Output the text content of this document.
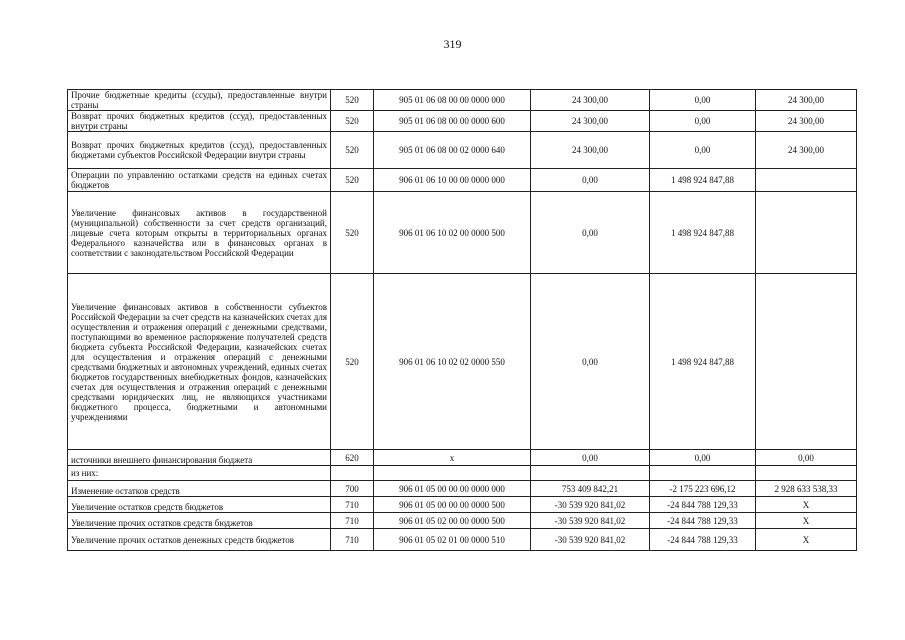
319
Прочие бюджетные кредиты (ссуды), предоставленные внутри страны	520	905 01 06 08 00 00 0000 000	24 300,00	0,00	24 300,00
Возврат прочих бюджетных кредитов (ссуд), предоставленных внутри страны	520	905 01 06 08 00 00 0000 600	24 300,00	0,00	24 300,00
Возврат прочих бюджетных кредитов (ссуд), предоставленных бюджетами субъектов Российской Федерации внутри страны	520	905 01 06 08 00 02 0000 640	24 300,00	0,00	24 300,00
Операции по управлению остатками средств на единых счетах бюджетов	520	906 01 06 10 00 00 0000 000	0,00	1 498 924 847,88	
Увеличение финансовых активов в государственной (муниципальной) собственности за счет средств организаций, лицевые счета которым открыты в территориальных органах Федерального казначейства или в финансовых органах в соответствии с законодательством Российской Федерации	520	906 01 06 10 02 00 0000 500	0,00	1 498 924 847,88	
Увеличение финансовых активов в собственности субъектов Российской Федерации за счет средств на казначейских счетах для осуществления и отражения операций с денежными средствами, поступающими во временное распоряжение получателей средств бюджета субъекта Российской Федерации, казначейских счетах для осуществления и отражения операций с денежными средствами бюджетных и автономных учреждений, единых счетах бюджетов государственных внебюджетных фондов, казначейских счетах для осуществления и отражения операций с денежными средствами юридических лиц, не являющихся участниками бюджетного процесса, бюджетными и автономными учреждениями	520	906 01 06 10 02 02 0000 550	0,00	1 498 924 847,88	
источники внешнего финансирования бюджета	620	x	0,00	0,00	0,00
из них:					
Изменение остатков средств	700	906 01 05 00 00 00 0000 000	753 409 842,21	-2 175 223 696,12	2 928 633 538,33
Увеличение остатков средств бюджетов	710	906 01 05 00 00 00 0000 500	-30 539 920 841,02	-24 844 788 129,33	X
Увеличение прочих остатков средств бюджетов	710	906 01 05 02 00 00 0000 500	-30 539 920 841,02	-24 844 788 129,33	X
Увеличение прочих остатков денежных средств бюджетов	710	906 01 05 02 01 00 0000 510	-30 539 920 841,02	-24 844 788 129,33	X
